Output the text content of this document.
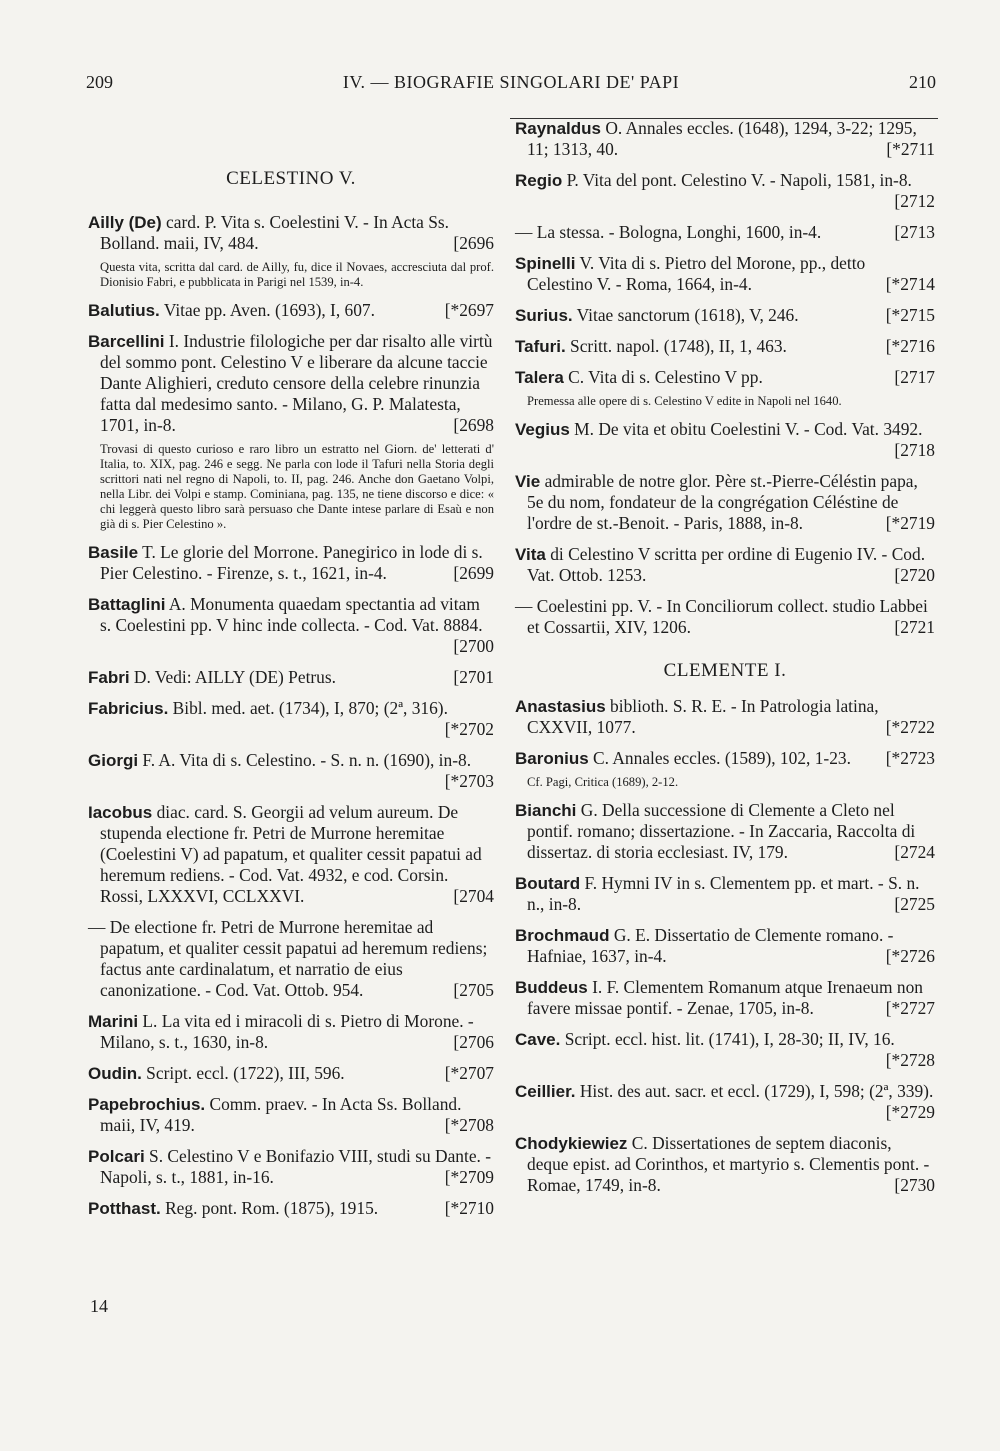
209	IV. — BIOGRAFIE SINGOLARI DE' PAPI	210
CELESTINO V.
Ailly (De) card. P. Vita s. Coelestini V. - In Acta Ss. Bolland. maii, IV, 484.	[2696
Questa vita, scritta dal card. de Ailly, fu, dice il Novaes, accresciuta dal prof. Dionisio Fabri, e pubblicata in Parigi nel 1539, in-4.
Balutius. Vitae pp. Aven. (1693), I, 607.	[*2697
Barcellini I. Industrie filologiche per dar risalto alle virtù del sommo pont. Celestino V e liberare da alcune taccie Dante Alighieri, creduto censore della celebre rinunzia fatta dal medesimo santo. - Milano, G. P. Malatesta, 1701, in-8.	[2698
Trovasi di questo curioso e raro libro un estratto nel Giorn. de' letterati d' Italia, to. XIX, pag. 246 e segg. Ne parla con lode il Tafuri nella Storia degli scrittori nati nel regno di Napoli, to. II, pag. 246. Anche don Gaetano Volpi, nella Libr. dei Volpi e stamp. Cominiana, pag. 135, ne tiene discorso e dice: « chi leggerà questo libro sarà persuaso che Dante intese parlare di Esaù e non già di s. Pier Celestino ».
Basile T. Le glorie del Morrone. Panegirico in lode di s. Pier Celestino. - Firenze, s. t., 1621, in-4.	[2699
Battaglini A. Monumenta quaedam spectantia ad vitam s. Coelestini pp. V hinc inde collecta. - Cod. Vat. 8884.
[2700
Fabri D. Vedi: AILLY (DE) Petrus.	[2701
Fabricius. Bibl. med. aet. (1734), I, 870; (2ª, 316).
[*2702
Giorgi F. A. Vita di s. Celestino. - S. n. n. (1690), in-8.
[*2703
Iacobus diac. card. S. Georgii ad velum aureum. De stupenda electione fr. Petri de Murrone heremitae (Coelestini V) ad papatum, et qualiter cessit papatui ad heremum rediens. - Cod. Vat. 4932, e cod. Corsin. Rossi, LXXXVI, CCLXXVI.	[2704
— De electione fr. Petri de Murrone heremitae ad papatum, et qualiter cessit papatui ad heremum rediens; factus ante cardinalatum, et narratio de eius canonizatione. - Cod. Vat. Ottob. 954.	[2705
Marini L. La vita ed i miracoli di s. Pietro di Morone. - Milano, s. t., 1630, in-8.	[2706
Oudin. Script. eccl. (1722), III, 596.	[*2707
Papebrochius. Comm. praev. - In Acta Ss. Bolland. maii, IV, 419.	[*2708
Polcari S. Celestino V e Bonifazio VIII, studi su Dante. - Napoli, s. t., 1881, in-16.	[*2709
Potthast. Reg. pont. Rom. (1875), 1915.	[*2710
Raynaldus O. Annales eccles. (1648), 1294, 3-22; 1295, 11; 1313, 40.	[*2711
Regio P. Vita del pont. Celestino V. - Napoli, 1581, in-8.
[2712
— La stessa. - Bologna, Longhi, 1600, in-4.	[2713
Spinelli V. Vita di s. Pietro del Morone, pp., detto Celestino V. - Roma, 1664, in-4.	[*2714
Surius. Vitae sanctorum (1618), V, 246.	[*2715
Tafuri. Scritt. napol. (1748), II, 1, 463.	[*2716
Talera C. Vita di s. Celestino V pp.	[2717
Premessa alle opere di s. Celestino V edite in Napoli nel 1640.
Vegius M. De vita et obitu Coelestini V. - Cod. Vat. 3492.
[2718
Vie admirable de notre glor. Père st.-Pierre-Céléstin papa, 5e du nom, fondateur de la congrégation Céléstine de l'ordre de st.-Benoit. - Paris, 1888, in-8.	[*2719
Vita di Celestino V scritta per ordine di Eugenio IV. - Cod. Vat. Ottob. 1253.	[2720
— Coelestini pp. V. - In Conciliorum collect. studio Labbei et Cossartii, XIV, 1206.	[2721
CLEMENTE I.
Anastasius biblioth. S. R. E. - In Patrologia latina, CXXVII, 1077.	[*2722
Baronius C. Annales eccles. (1589), 102, 1-23.	[*2723
Cf. Pagi, Critica (1689), 2-12.
Bianchi G. Della successione di Clemente a Cleto nel pontif. romano; dissertazione. - In Zaccaria, Raccolta di dissertaz. di storia ecclesiast. IV, 179.	[2724
Boutard F. Hymni IV in s. Clementem pp. et mart. - S. n. n., in-8.	[2725
Brochmaud G. E. Dissertatio de Clemente romano. - Hafniae, 1637, in-4.	[*2726
Buddeus I. F. Clementem Romanum atque Irenaeum non favere missae pontif. - Zenae, 1705, in-8.	[*2727
Cave. Script. eccl. hist. lit. (1741), I, 28-30; II, IV, 16.
[*2728
Ceillier. Hist. des aut. sacr. et eccl. (1729), I, 598; (2ª, 339).
[*2729
Chodykiewiez C. Dissertationes de septem diaconis, deque epist. ad Corinthos, et martyrio s. Clementis pont. - Romae, 1749, in-8.	[2730
14
